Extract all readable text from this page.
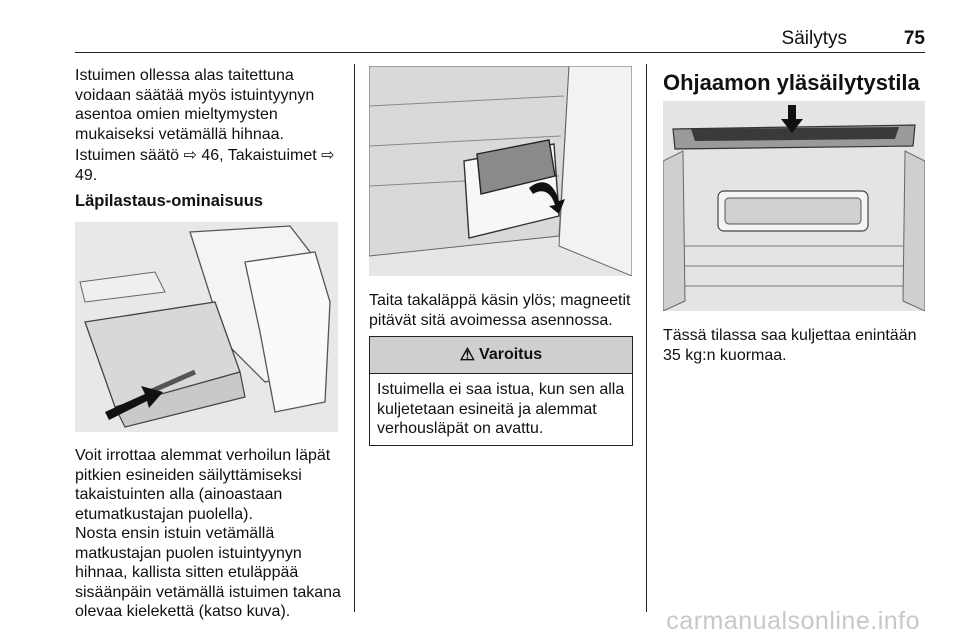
Säilytys	75
Istuimen ollessa alas taitettuna voidaan säätää myös istuintyynyn asentoa omien mieltymysten mukaiseksi vetämällä hihnaa.
Istuimen säätö ⇨ 46, Takaistuimet ⇨ 49.
Läpilastaus-ominaisuus
Voit irrottaa alemmat verhoilun läpät pitkien esineiden säilyttämiseksi takaistuinten alla (ainoastaan etumatkustajan puolella).
Nosta ensin istuin vetämällä matkustajan puolen istuintyynyn hihnaa, kallista sitten etuläppää sisäänpäin vetämällä istuimen takana olevaa kielekettä (katso kuva).
Taita takaläppä käsin ylös; magneetit pitävät sitä avoimessa asennossa.
⚠ Varoitus
Istuimella ei saa istua, kun sen alla kuljetetaan esineitä ja alemmat verhousläpät on avattu.
Ohjaamon yläsäilytystila
Tässä tilassa saa kuljettaa enintään 35 kg:n kuormaa.
carmanualsonline.info
